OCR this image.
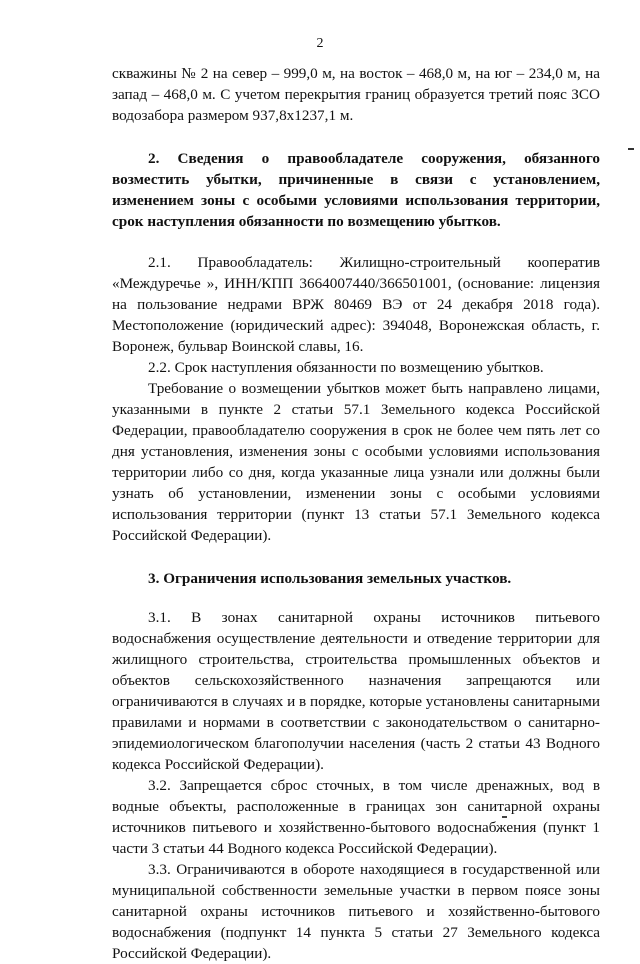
2

скважины № 2 на север – 999,0 м, на восток – 468,0 м, на юг – 234,0 м, на запад – 468,0 м. С учетом перекрытия границ образуется третий пояс ЗСО водозабора размером 937,8х1237,1 м.

2. Сведения о правообладателе сооружения, обязанного возместить убытки, причиненные в связи с установлением, изменением зоны с особыми условиями использования территории, срок наступления обязанности по возмещению убытков.

2.1. Правообладатель: Жилищно-строительный кооператив «Междуречье », ИНН/КПП 3664007440/366501001, (основание: лицензия на пользование недрами ВРЖ 80469 ВЭ от 24 декабря 2018 года). Местоположение (юридический адрес): 394048, Воронежская область, г. Воронеж, бульвар Воинской славы, 16.

2.2. Срок наступления обязанности по возмещению убытков.

Требование о возмещении убытков может быть направлено лицами, указанными в пункте 2 статьи 57.1 Земельного кодекса Российской Федерации, правообладателю сооружения в срок не более чем пять лет со дня установления, изменения зоны с особыми условиями использования территории либо со дня, когда указанные лица узнали или должны были узнать об установлении, изменении зоны с особыми условиями использования территории (пункт 13 статьи 57.1 Земельного кодекса Российской Федерации).

3. Ограничения использования земельных участков.

3.1. В зонах санитарной охраны источников питьевого водоснабжения осуществление деятельности и отведение территории для жилищного строительства, строительства промышленных объектов и объектов сельскохозяйственного назначения запрещаются или ограничиваются в случаях и в порядке, которые установлены санитарными правилами и нормами в соответствии с законодательством о санитарно-эпидемиологическом благополучии населения (часть 2 статьи 43 Водного кодекса Российской Федерации).

3.2. Запрещается сброс сточных, в том числе дренажных, вод в водные объекты, расположенные в границах зон санитарной охраны источников питьевого и хозяйственно-бытового водоснабжения (пункт 1 части 3 статьи 44 Водного кодекса Российской Федерации).

3.3. Ограничиваются в обороте находящиеся в государственной или муниципальной собственности земельные участки в первом поясе зоны санитарной охраны источников питьевого и хозяйственно-бытового водоснабжения (подпункт 14 пункта 5 статьи 27 Земельного кодекса Российской Федерации).
